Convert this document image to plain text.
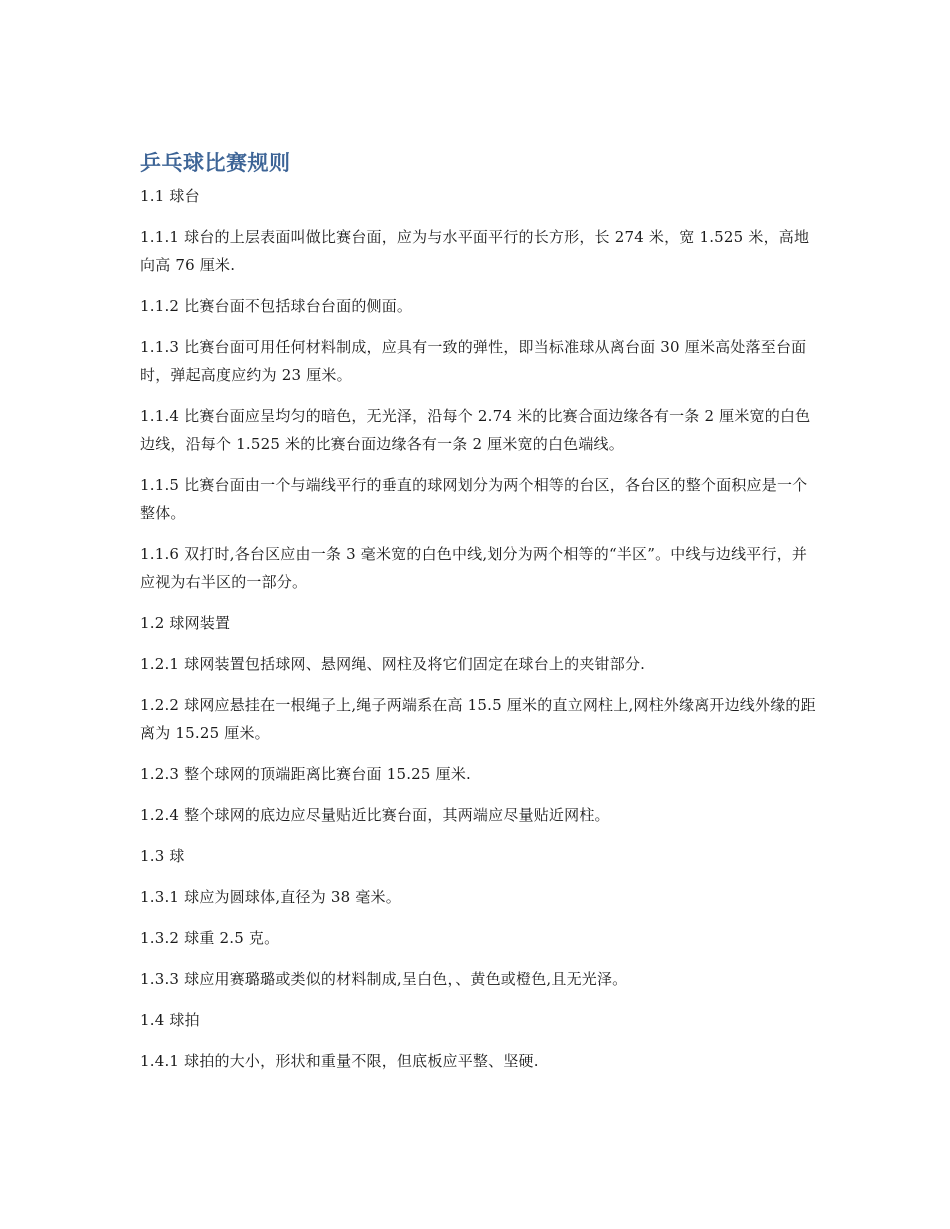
乒乓球比赛规则

1.1 球台

1.1.1 球台的上层表面叫做比赛台面，应为与水平面平行的长方形，长 274 米，宽 1.525 米，高地向高 76 厘米.

1.1.2 比赛台面不包括球台台面的侧面。

1.1.3 比赛台面可用任何材料制成，应具有一致的弹性，即当标准球从离台面 30 厘米高处落至台面时，弹起高度应约为 23 厘米。

1.1.4 比赛台面应呈均匀的暗色，无光泽，沿每个 2.74 米的比赛合面边缘各有一条 2 厘米宽的白色边线，沿每个 1.525 米的比赛台面边缘各有一条 2 厘米宽的白色端线。

1.1.5 比赛台面由一个与端线平行的垂直的球网划分为两个相等的台区，各台区的整个面积应是一个整体。

1.1.6 双打时,各台区应由一条 3 毫米宽的白色中线,划分为两个相等的“半区”。中线与边线平行，并应视为右半区的一部分。

1.2 球网装置

1.2.1 球网装置包括球网、悬网绳、网柱及将它们固定在球台上的夹钳部分.

1.2.2 球网应悬挂在一根绳子上,绳子两端系在高 15.5 厘米的直立网柱上,网柱外缘离开边线外缘的距离为 15.25 厘米。

1.2.3 整个球网的顶端距离比赛台面 15.25 厘米.

1.2.4 整个球网的底边应尽量贴近比赛台面，其两端应尽量贴近网柱。

1.3 球

1.3.1 球应为圆球体,直径为 38 毫米。

1.3.2 球重 2.5 克。

1.3.3 球应用赛璐璐或类似的材料制成,呈白色，、黄色或橙色,且无光泽。

1.4 球拍

1.4.1 球拍的大小，形状和重量不限，但底板应平整、坚硬.
